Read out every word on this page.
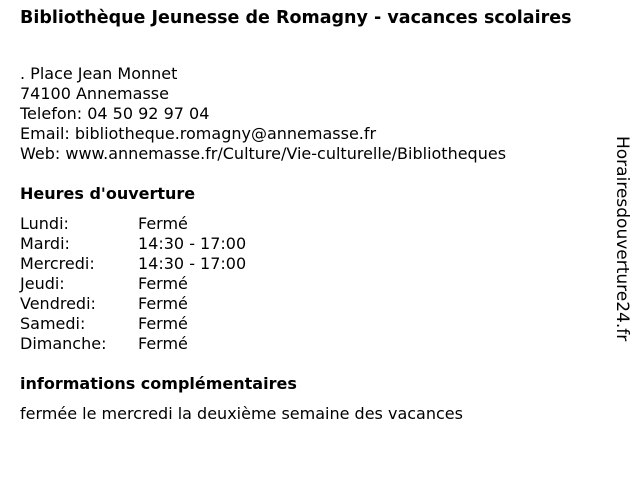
Bibliothèque Jeunesse de Romagny - vacances scolaires
. Place Jean Monnet
74100 Annemasse
Telefon: 04 50 92 97 04
Email: bibliotheque.romagny@annemasse.fr
Web: www.annemasse.fr/Culture/Vie-culturelle/Bibliotheques
Heures d'ouverture
Lundi:	Fermé
Mardi:	14:30 - 17:00
Mercredi:	14:30 - 17:00
Jeudi:	Fermé
Vendredi:	Fermé
Samedi:	Fermé
Dimanche: Fermé
informations complémentaires
fermée le mercredi la deuxième semaine des vacances
Horairesdouverture24.fr
